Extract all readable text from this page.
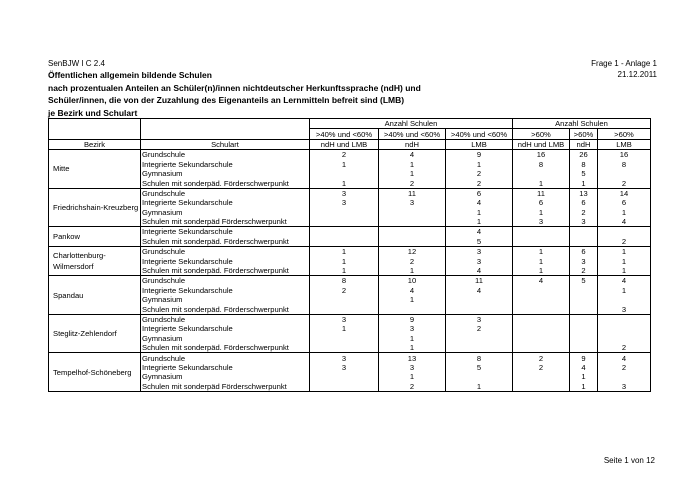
SenBJW I C 2.4
Öffentlichen allgemein bildende Schulen
nach prozentualen Anteilen an Schüler(n)/innen nichtdeutscher Herkunftssprache (ndH) und
Schüler/innen, die von der Zuzahlung des Eigenanteils an Lernmitteln befreit sind (LMB)
je Bezirk und Schulart
Frage 1 - Anlage 1
21.12.2011
		Anzahl Schulen			Anzahl Schulen		
		>40% und <60%	>40% und <60%	>40% und <60%	>60%	>60%	>60%
Bezirk	Schulart	ndH und LMB	ndH	LMB	ndH und LMB	ndH	LMB
Mitte	Grundschule	2	4	9	16	26	16
	Integrierte Sekundarschule	1	1	1	8	8	8
	Gymnasium		1	2		5	
	Schulen mit sonderpäd. Förderschwerpunkt	1	2	2	1	1	2
Friedrichshain-Kreuzberg	Grundschule	3	11	6	11	13	14
	Integrierte Sekundarschule	3	3	4	6	6	6
	Gymnasium			1	1	2	1
	Schulen mit sonderpäd Förderschwerpunkt			1	3	3	4
Pankow	Integrierte Sekundarschule			4			
	Schulen mit sonderpäd. Förderschwerpunkt			5			2
Charlottenburg-Wilmersdorf	Grundschule	1	12	3	1	6	1
	Integrierte Sekundarschule	1	2	3	1	3	1
	Schulen mit sonderpäd. Förderschwerpunkt	1	1	4	1	2	1
Spandau	Grundschule	8	10	11	4	5	4
	Integrierte Sekundarschule	2	4	4			1
	Gymnasium		1				
	Schulen mit sonderpäd. Förderschwerpunkt						3
Steglitz-Zehlendorf	Grundschule	3	9	3			
	Integrierte Sekundarschule	1	3	2			
	Gymnasium		1				
	Schulen mit sonderpäd. Förderschwerpunkt		1				2
Tempelhof-Schöneberg	Grundschule	3	13	8	2	9	4
	Integrierte Sekundarschule	3	3	5	2	4	2
	Gymnasium		1			1	
	Schulen mit sonderpäd Förderschwerpunkt		2	1		1	3
Seite 1 von 12
